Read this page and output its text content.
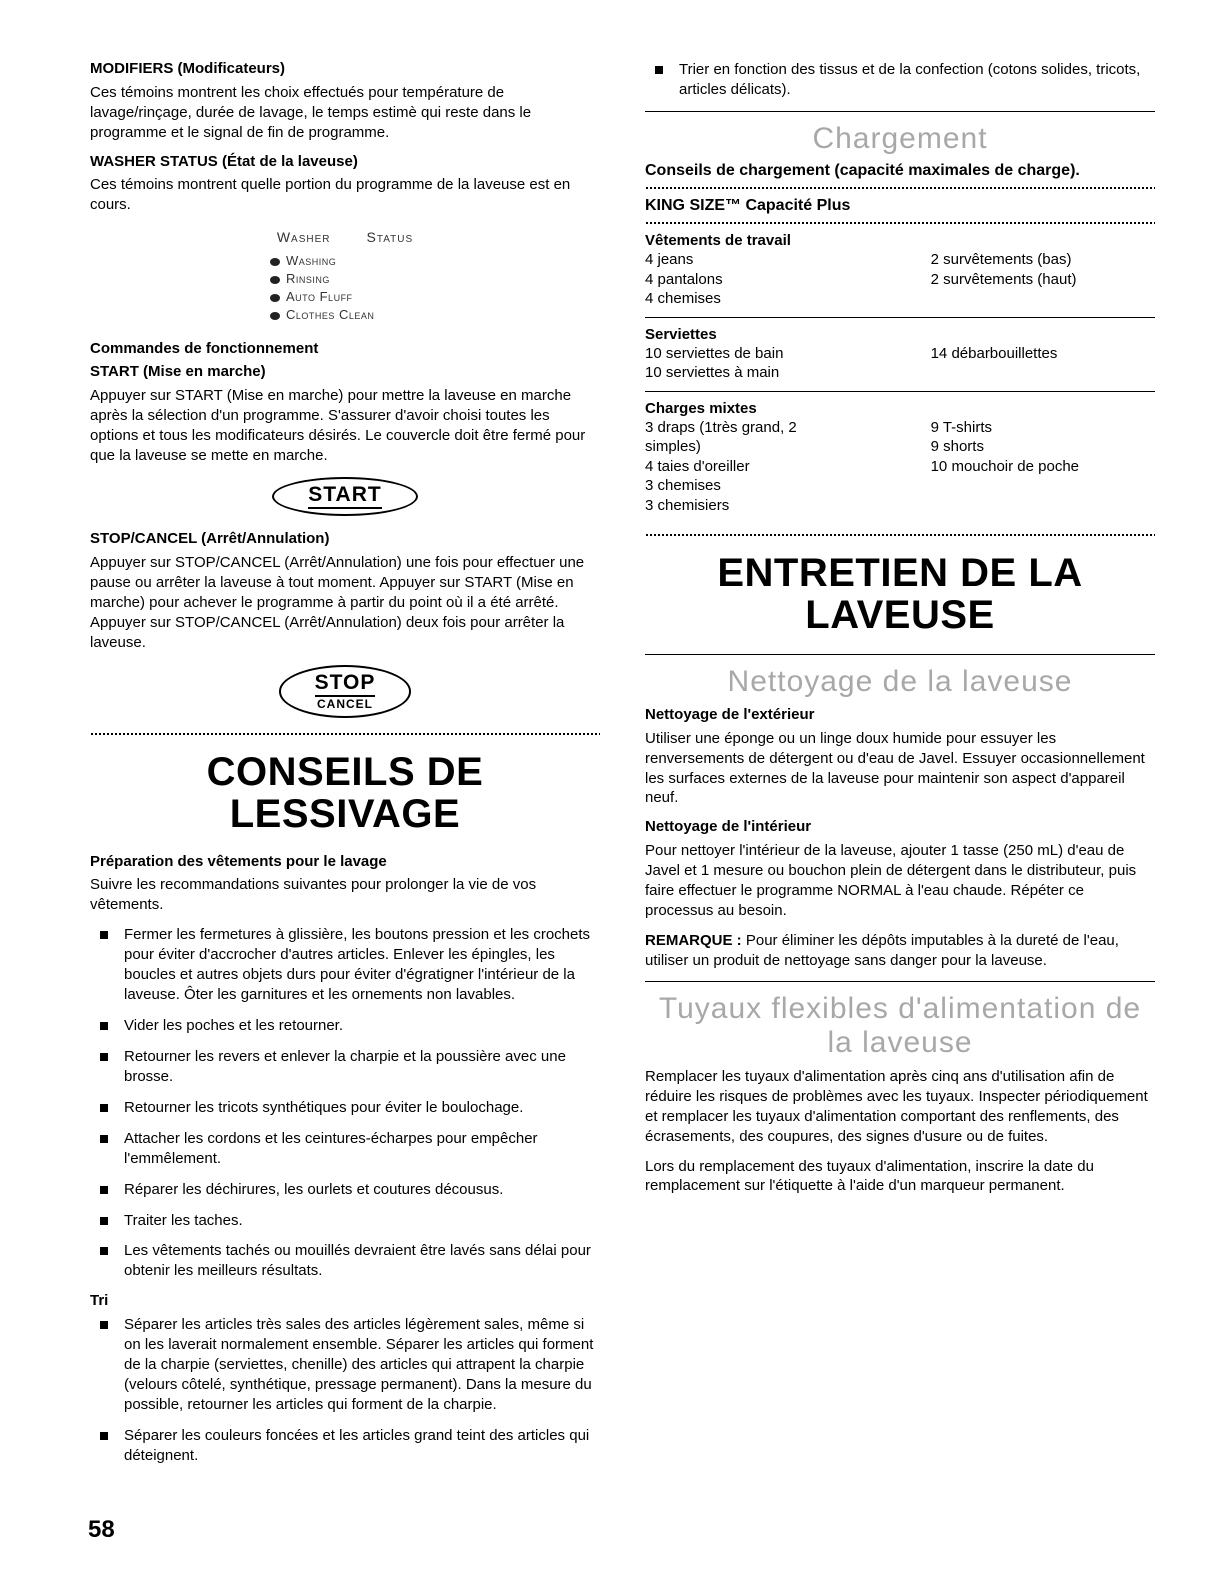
MODIFIERS (Modificateurs)

Ces témoins montrent les choix effectués pour température de lavage/rinçage, durée de lavage, le temps estimè qui reste dans le programme et le signal de fin de programme.

WASHER STATUS (État de la laveuse)

Ces témoins montrent quelle portion du programme de la laveuse est en cours.

Washer	Status
Washing
Rinsing
Auto Fluff
Clothes Clean
Commandes de fonctionnement
START (Mise en marche)

Appuyer sur START (Mise en marche) pour mettre la laveuse en marche après la sélection d'un programme. S'assurer d'avoir choisi toutes les options et tous les modificateurs désirés. Le couvercle doit être fermé pour que la laveuse se mette en marche.

START
STOP/CANCEL (Arrêt/Annulation)

Appuyer sur STOP/CANCEL (Arrêt/Annulation) une fois pour effectuer une pause ou arrêter la laveuse à tout moment. Appuyer sur START (Mise en marche) pour achever le programme à partir du point où il a été arrêté. Appuyer sur STOP/CANCEL (Arrêt/Annulation) deux fois pour arrêter la laveuse.

STOP
CANCEL
CONSEILS DE LESSIVAGE
Préparation des vêtements pour le lavage

Suivre les recommandations suivantes pour prolonger la vie de vos vêtements.

Fermer les fermetures à glissière, les boutons pression et les crochets pour éviter d'accrocher d'autres articles. Enlever les épingles, les boucles et autres objets durs pour éviter d'égratigner l'intérieur de la laveuse. Ôter les garnitures et les ornements non lavables.
Vider les poches et les retourner.
Retourner les revers et enlever la charpie et la poussière avec une brosse.
Retourner les tricots synthétiques pour éviter le boulochage.
Attacher les cordons et les ceintures-écharpes pour empêcher l'emmêlement.
Réparer les déchirures, les ourlets et coutures décousus.
Traiter les taches.
Les vêtements tachés ou mouillés devraient être lavés sans délai pour obtenir les meilleurs résultats.
Tri
Séparer les articles très sales des articles légèrement sales, même si on les laverait normalement ensemble. Séparer les articles qui forment de la charpie (serviettes, chenille) des articles qui attrapent la charpie (velours côtelé, synthétique, pressage permanent). Dans la mesure du possible, retourner les articles qui forment de la charpie.
Séparer les couleurs foncées et les articles grand teint des articles qui déteignent.
Trier en fonction des tissus et de la confection (cotons solides, tricots, articles délicats).
Chargement
Conseils de chargement (capacité maximales de charge).
KING SIZE™ Capacité Plus
Vêtements de travail
4 jeans	2 survêtements (bas)
4 pantalons	2 survêtements (haut)
4 chemises	
Serviettes
10 serviettes de bain	14 débarbouillettes
10 serviettes à main	
Charges mixtes
3 draps (1très grand, 2	9 T-shirts
simples)	9 shorts
4 taies d'oreiller	10 mouchoir de poche
3 chemises	
3 chemisiers	
ENTRETIEN DE LA LAVEUSE
Nettoyage de la laveuse
Nettoyage de l'extérieur

Utiliser une éponge ou un linge doux humide pour essuyer les renversements de détergent ou d'eau de Javel. Essuyer occasionnellement les surfaces externes de la laveuse pour maintenir son aspect d'appareil neuf.

Nettoyage de l'intérieur

Pour nettoyer l'intérieur de la laveuse, ajouter 1 tasse (250 mL) d'eau de Javel et 1 mesure ou bouchon plein de détergent dans le distributeur, puis faire effectuer le programme NORMAL à l'eau chaude. Répéter ce processus au besoin.

REMARQUE : Pour éliminer les dépôts imputables à la dureté de l'eau, utiliser un produit de nettoyage sans danger pour la laveuse.

Tuyaux flexibles d'alimentation de la laveuse

Remplacer les tuyaux d'alimentation après cinq ans d'utilisation afin de réduire les risques de problèmes avec les tuyaux. Inspecter périodiquement et remplacer les tuyaux d'alimentation comportant des renflements, des écrasements, des coupures, des signes d'usure ou de fuites.

Lors du remplacement des tuyaux d'alimentation, inscrire la date du remplacement sur l'étiquette à l'aide d'un marqueur permanent.

58
